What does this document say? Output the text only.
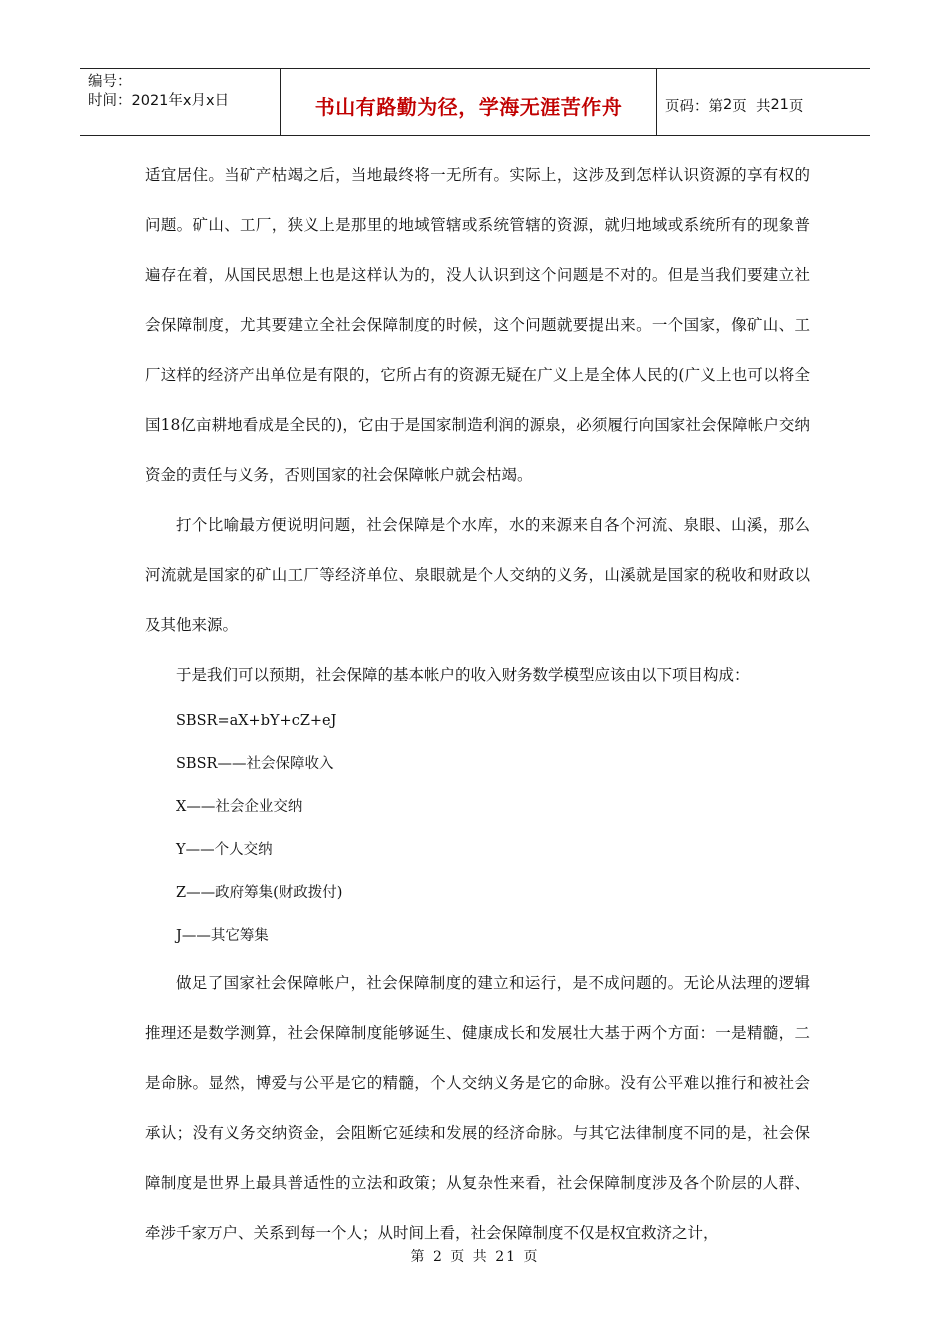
编号：
时间：2021年x月x日	书山有路勤为径，学海无涯苦作舟	页码：第 2 页  共 21 页

适宜居住。当矿产枯竭之后，当地最终将一无所有。实际上，这涉及到怎样认识资源的享有权的问题。矿山、工厂，狭义上是那里的地域管辖或系统管辖的资源，就归地域或系统所有的现象普遍存在着，从国民思想上也是这样认为的，没人认识到这个问题是不对的。但是当我们要建立社会保障制度，尤其要建立全社会保障制度的时候，这个问题就要提出来。一个国家，像矿山、工厂这样的经济产出单位是有限的，它所占有的资源无疑在广义上是全体人民的(广义上也可以将全国18亿亩耕地看成是全民的)，它由于是国家制造利润的源泉，必须履行向国家社会保障帐户交纳资金的责任与义务，否则国家的社会保障帐户就会枯竭。

打个比喻最方便说明问题，社会保障是个水库，水的来源来自各个河流、泉眼、山溪，那么河流就是国家的矿山工厂等经济单位、泉眼就是个人交纳的义务，山溪就是国家的税收和财政以及其他来源。

于是我们可以预期，社会保障的基本帐户的收入财务数学模型应该由以下项目构成：

SBSR=aX+bY+cZ+eJ

SBSR——社会保障收入

X——社会企业交纳

Y——个人交纳

Z——政府筹集(财政拨付)

J——其它筹集

做足了国家社会保障帐户，社会保障制度的建立和运行，是不成问题的。无论从法理的逻辑推理还是数学测算，社会保障制度能够诞生、健康成长和发展壮大基于两个方面：一是精髓，二是命脉。显然，博爱与公平是它的精髓，个人交纳义务是它的命脉。没有公平难以推行和被社会承认；没有义务交纳资金，会阻断它延续和发展的经济命脉。与其它法律制度不同的是，社会保障制度是世界上最具普适性的立法和政策；从复杂性来看，社会保障制度涉及各个阶层的人群、牵涉千家万户、关系到每一个人；从时间上看，社会保障制度不仅是权宜救济之计，

第 2 页 共 21 页
